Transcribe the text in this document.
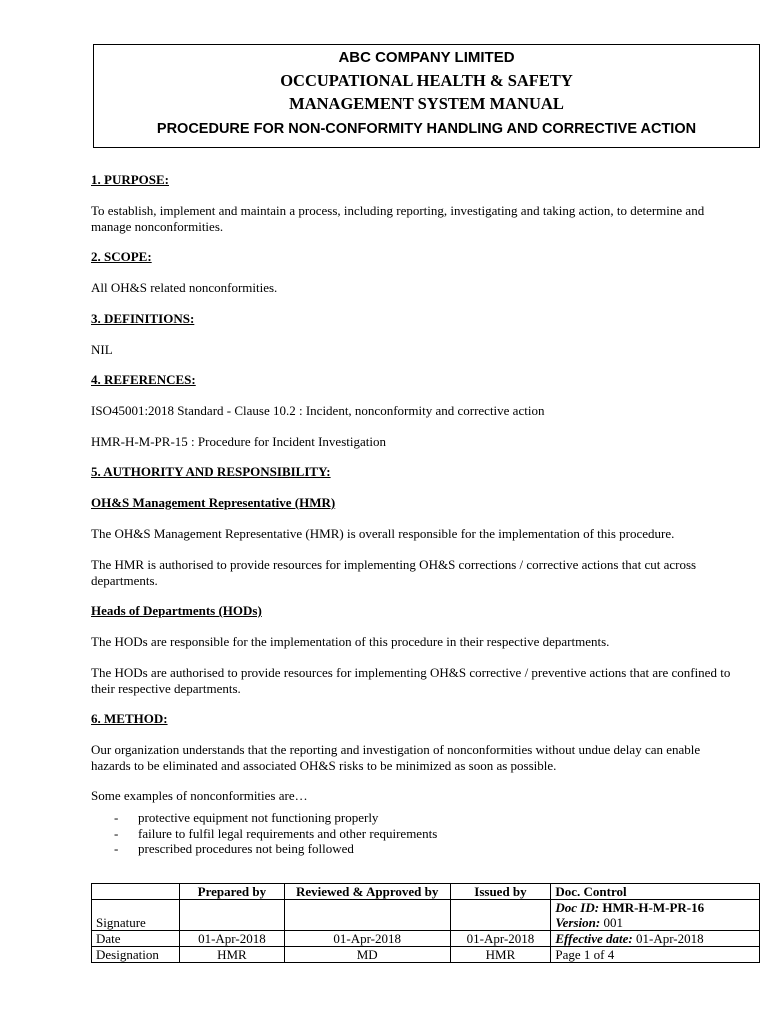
ABC COMPANY LIMITED
OCCUPATIONAL HEALTH & SAFETY
MANAGEMENT SYSTEM MANUAL
PROCEDURE FOR NON-CONFORMITY HANDLING AND CORRECTIVE ACTION
1. PURPOSE:
To establish, implement and maintain a process, including reporting, investigating and taking action, to determine and manage nonconformities.
2. SCOPE:
All OH&S related nonconformities.
3. DEFINITIONS:
NIL
4. REFERENCES:
ISO45001:2018 Standard - Clause 10.2 : Incident, nonconformity and corrective action
HMR-H-M-PR-15 : Procedure for Incident Investigation
5. AUTHORITY AND RESPONSIBILITY:
OH&S Management Representative (HMR)
The OH&S Management Representative (HMR) is overall responsible for the implementation of this procedure.
The HMR is authorised to provide resources for implementing OH&S corrections / corrective actions that cut across departments.
Heads of Departments (HODs)
The HODs are responsible for the implementation of this procedure in their respective departments.
The HODs are authorised to provide resources for implementing OH&S corrective / preventive actions that are confined to their respective departments.
6. METHOD:
Our organization understands that the reporting and investigation of nonconformities without undue delay can enable hazards to be eliminated and associated OH&S risks to be minimized as soon as possible.
Some examples of nonconformities are…
- protective equipment not functioning properly
- failure to fulfil legal requirements and other requirements
- prescribed procedures not being followed
	Prepared by	Reviewed & Approved by	Issued by	Doc. Control
Signature				Doc ID: HMR-H-M-PR-16
Version: 001

Date	01-Apr-2018	01-Apr-2018	01-Apr-2018	Effective date: 01-Apr-2018
Designation	HMR	MD	HMR	Page 1 of 4
